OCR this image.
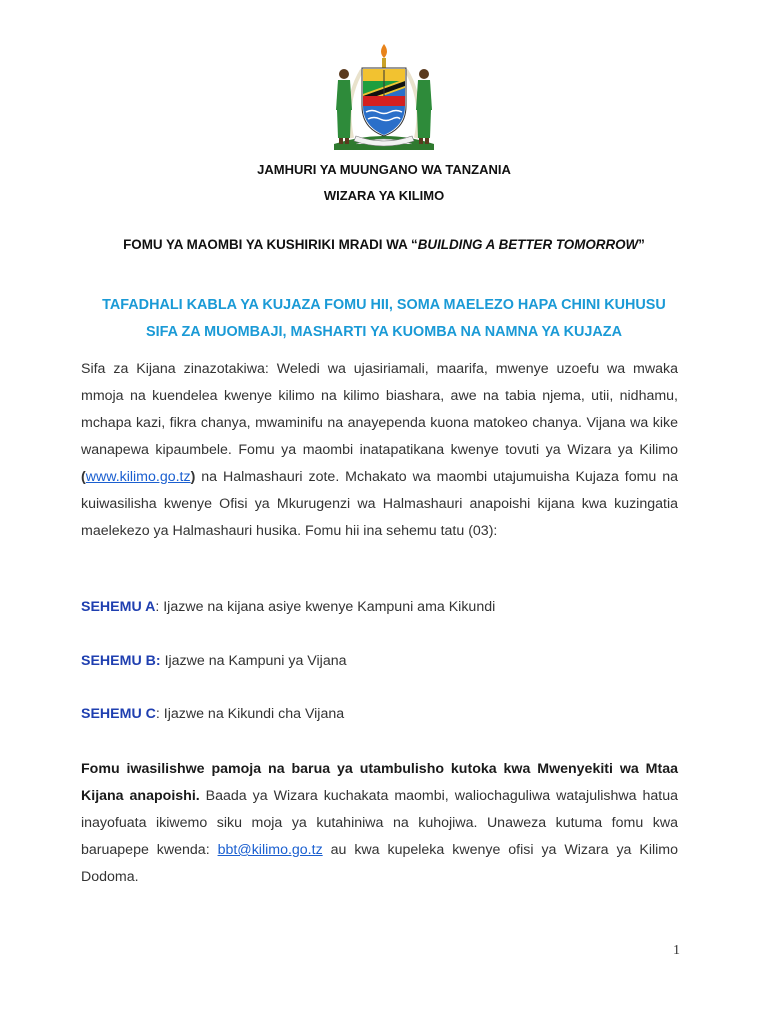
JAMHURI YA MUUNGANO WA TANZANIA
WIZARA YA KILIMO
FOMU YA MAOMBI YA KUSHIRIKI MRADI WA “BUILDING A BETTER TOMORROW”
TAFADHALI KABLA YA KUJAZA FOMU HII, SOMA MAELEZO HAPA CHINI KUHUSU
SIFA ZA MUOMBAJI, MASHARTI YA KUOMBA NA NAMNA YA KUJAZA
Sifa za Kijana zinazotakiwa: Weledi wa ujasiriamali, maarifa, mwenye uzoefu wa mwaka mmoja na kuendelea kwenye kilimo na kilimo biashara, awe na tabia njema, utii, nidhamu, mchapa kazi, fikra chanya, mwaminifu na anayependa kuona matokeo chanya. Vijana wa kike wanapewa kipaumbele. Fomu ya maombi inatapatikana kwenye tovuti ya Wizara ya Kilimo (www.kilimo.go.tz) na Halmashauri zote. Mchakato wa maombi utajumuisha Kujaza fomu na kuiwasilisha kwenye Ofisi ya Mkurugenzi wa Halmashauri anapoishi kijana kwa kuzingatia maelekezo ya Halmashauri husika. Fomu hii ina sehemu tatu (03):
SEHEMU A: Ijazwe na kijana asiye kwenye Kampuni ama Kikundi
SEHEMU B: Ijazwe na Kampuni ya Vijana
SEHEMU C: Ijazwe na Kikundi cha Vijana
Fomu iwasilishwe pamoja na barua ya utambulisho kutoka kwa Mwenyekiti wa Mtaa Kijana anapoishi. Baada ya Wizara kuchakata maombi, waliochaguliwa watajulishwa hatua inayofuata ikiwemo siku moja ya kutahiniwa na kuhojiwa. Unaweza kutuma fomu kwa baruapepe kwenda: bbt@kilimo.go.tz au kwa kupeleka kwenye ofisi ya Wizara ya Kilimo Dodoma.
1
